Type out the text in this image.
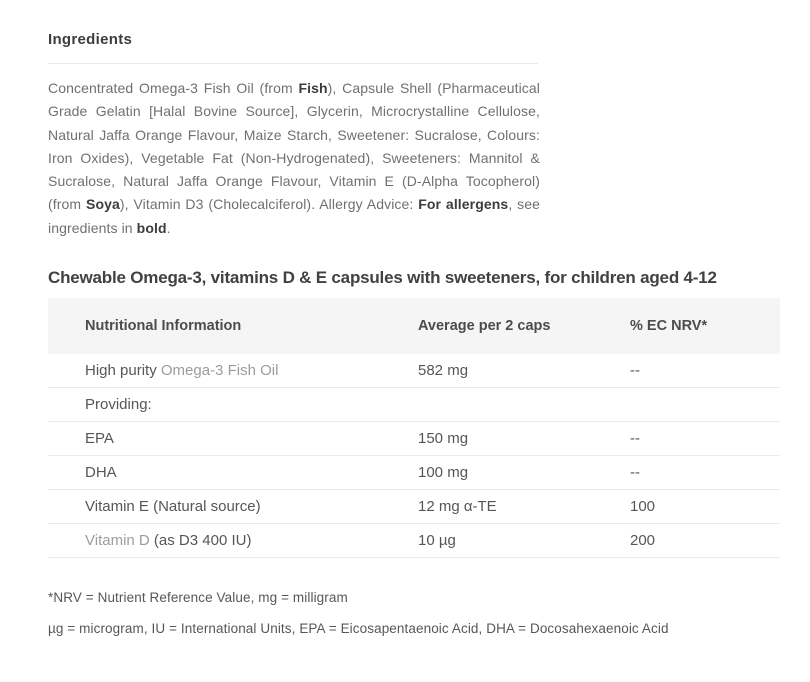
Ingredients

Concentrated Omega-3 Fish Oil (from Fish), Capsule Shell (Pharmaceutical Grade Gelatin [Halal Bovine Source], Glycerin, Microcrystalline Cellulose, Natural Jaffa Orange Flavour, Maize Starch, Sweetener: Sucralose, Colours: Iron Oxides), Vegetable Fat (Non-Hydrogenated), Sweeteners: Mannitol & Sucralose, Natural Jaffa Orange Flavour, Vitamin E (D-Alpha Tocopherol) (from Soya), Vitamin D3 (Cholecalciferol). Allergy Advice: For allergens, see ingredients in bold.

Chewable Omega-3, vitamins D & E capsules with sweeteners, for children aged 4-12
Nutritional Information	Average per 2 caps	% EC NRV*
High purity Omega-3 Fish Oil	582 mg	--
Providing:
EPA	150 mg	--
DHA	100 mg	--
Vitamin E (Natural source)	12 mg α-TE	100
Vitamin D (as D3 400 IU)	10 µg	200

*NRV = Nutrient Reference Value, mg = milligram

µg = microgram, IU = International Units, EPA = Eicosapentaenoic Acid, DHA = Docosahexaenoic Acid
